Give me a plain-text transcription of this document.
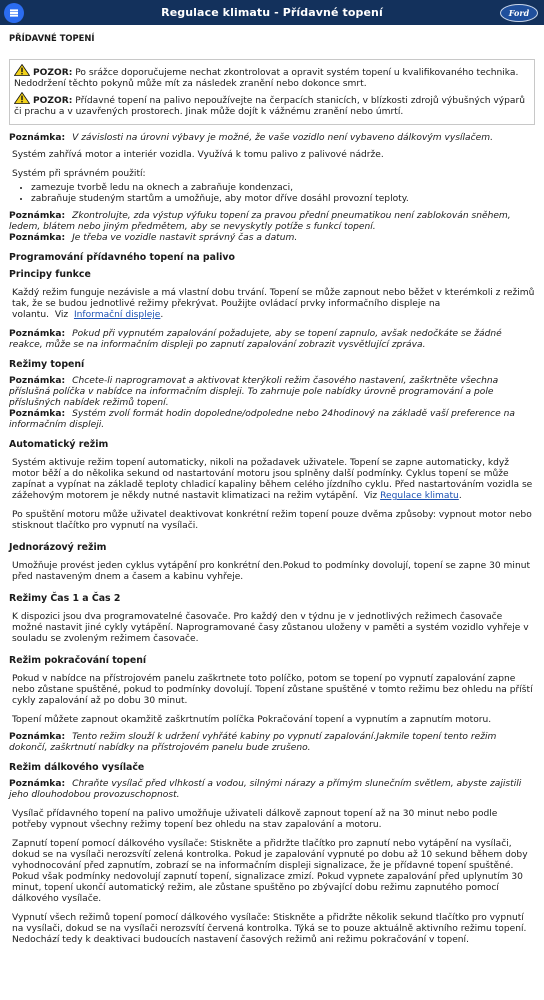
Regulace klimatu - Přídavné topení	Ford
PŘÍDAVNÉ TOPENÍ

POZOR: Po srážce doporučujeme nechat zkontrolovat a opravit systém topení u kvalifikovaného technika. Nedodržení těchto pokynů může mít za následek zranění nebo dokonce smrt.

POZOR: Přídavné topení na palivo nepoužívejte na čerpacích stanicích, v blízkosti zdrojů výbušných výparů či prachu a v uzavřených prostorech. Jinak může dojít k vážnému zranění nebo úmrtí.

Poznámka: V závislosti na úrovni výbavy je možné, že vaše vozidlo není vybaveno dálkovým vysílačem.

Systém zahřívá motor a interiér vozidla. Využívá k tomu palivo z palivové nádrže.

Systém při správném použití:

• zamezuje tvorbě ledu na oknech a zabraňuje kondenzaci,
• zabraňuje studeným startům a umožňuje, aby motor dříve dosáhl provozní teploty.

Poznámka: Zkontrolujte, zda výstup výfuku topení za pravou přední pneumatikou není zablokován sněhem, ledem, blátem nebo jiným předmětem, aby se nevyskytly potíže s funkcí topení.

Poznámka: Je třeba ve vozidle nastavit správný čas a datum.

Programování přídavného topení na palivo
Principy funkce

Každý režim funguje nezávisle a má vlastní dobu trvání. Topení se může zapnout nebo běžet v kterémkoli z režimů tak, že se budou jednotlivé režimy překrývat. Použijte ovládací prvky informačního displeje na volantu. Viz Informační displeje.

Poznámka: Pokud při vypnutém zapalování požadujete, aby se topení zapnulo, avšak nedočkáte se žádné reakce, může se na informačním displeji po zapnutí zapalování zobrazit vysvětlující zpráva.

Režimy topení

Poznámka: Chcete-li naprogramovat a aktivovat kterýkoli režim časového nastavení, zaškrtněte všechna příslušná políčka v nabídce na informačním displeji. To zahrnuje pole nabídky úrovně programování a pole příslušných nabídek režimů topení.

Poznámka: Systém zvolí formát hodin dopoledne/odpoledne nebo 24hodinový na základě vaší preference na informačním displeji.

Automatický režim

Systém aktivuje režim topení automaticky, nikoli na požadavek uživatele. Topení se zapne automaticky, když motor běží a do několika sekund od nastartování motoru jsou splněny další podmínky. Cyklus topení se může zapínat a vypínat na základě teploty chladicí kapaliny během celého jízdního cyklu. Před nastartováním vozidla se zážehovým motorem je někdy nutné nastavit klimatizaci na režim vytápění. Viz Regulace klimatu.

Po spuštění motoru může uživatel deaktivovat konkrétní režim topení pouze dvěma způsoby: vypnout motor nebo stisknout tlačítko pro vypnutí na vysílači.

Jednorázový režim

Umožňuje provést jeden cyklus vytápění pro konkrétní den.Pokud to podmínky dovolují, topení se zapne 30 minut před nastaveným dnem a časem a kabinu vyhřeje.

Režimy Čas 1 a Čas 2

K dispozici jsou dva programovatelné časovače. Pro každý den v týdnu je v jednotlivých režimech časovače možné nastavit jiné cykly vytápění. Naprogramované časy zůstanou uloženy v paměti a systém vozidlo vyhřeje v souladu se zvoleným režimem časovače.

Režim pokračování topení

Pokud v nabídce na přístrojovém panelu zaškrtnete toto políčko, potom se topení po vypnutí zapalování zapne nebo zůstane spuštěné, pokud to podmínky dovolují. Topení zůstane spuštěné v tomto režimu bez ohledu na příští cykly zapalování až po dobu 30 minut.

Topení můžete zapnout okamžitě zaškrtnutím políčka Pokračování topení a vypnutím a zapnutím motoru.

Poznámka: Tento režim slouží k udržení vyhřáté kabiny po vypnutí zapalování.Jakmile topení tento režim dokončí, zaškrtnutí nabídky na přístrojovém panelu bude zrušeno.

Režim dálkového vysílače

Poznámka: Chraňte vysílač před vlhkostí a vodou, silnými nárazy a přímým slunečním světlem, abyste zajistili jeho dlouhodobou provozuschopnost.

Vysílač přídavného topení na palivo umožňuje uživateli dálkově zapnout topení až na 30 minut nebo podle potřeby vypnout všechny režimy topení bez ohledu na stav zapalování a motoru.

Zapnutí topení pomocí dálkového vysílače: Stiskněte a přidržte tlačítko pro zapnutí nebo vytápění na vysílači, dokud se na vysílači nerozsvítí zelená kontrolka. Pokud je zapalování vypnuté po dobu až 10 sekund během doby vyhodnocování před zapnutím, zobrazí se na informačním displeji signalizace, že je přídavné topení spuštěné. Pokud však podmínky nedovolují zapnutí topení, signalizace zmizí. Pokud vypnete zapalování před uplynutím 30 minut, topení ukončí automatický režim, ale zůstane spuštěno po zbývající dobu režimu zapnutého pomocí dálkového vysílače.

Vypnutí všech režimů topení pomocí dálkového vysílače: Stiskněte a přidržte několik sekund tlačítko pro vypnutí na vysílači, dokud se na vysílači nerozsvítí červená kontrolka. Týká se to pouze aktuálně aktivního režimu topení. Nedochází tedy k deaktivaci budoucích nastavení časových režimů ani režimu pokračování v topení.
